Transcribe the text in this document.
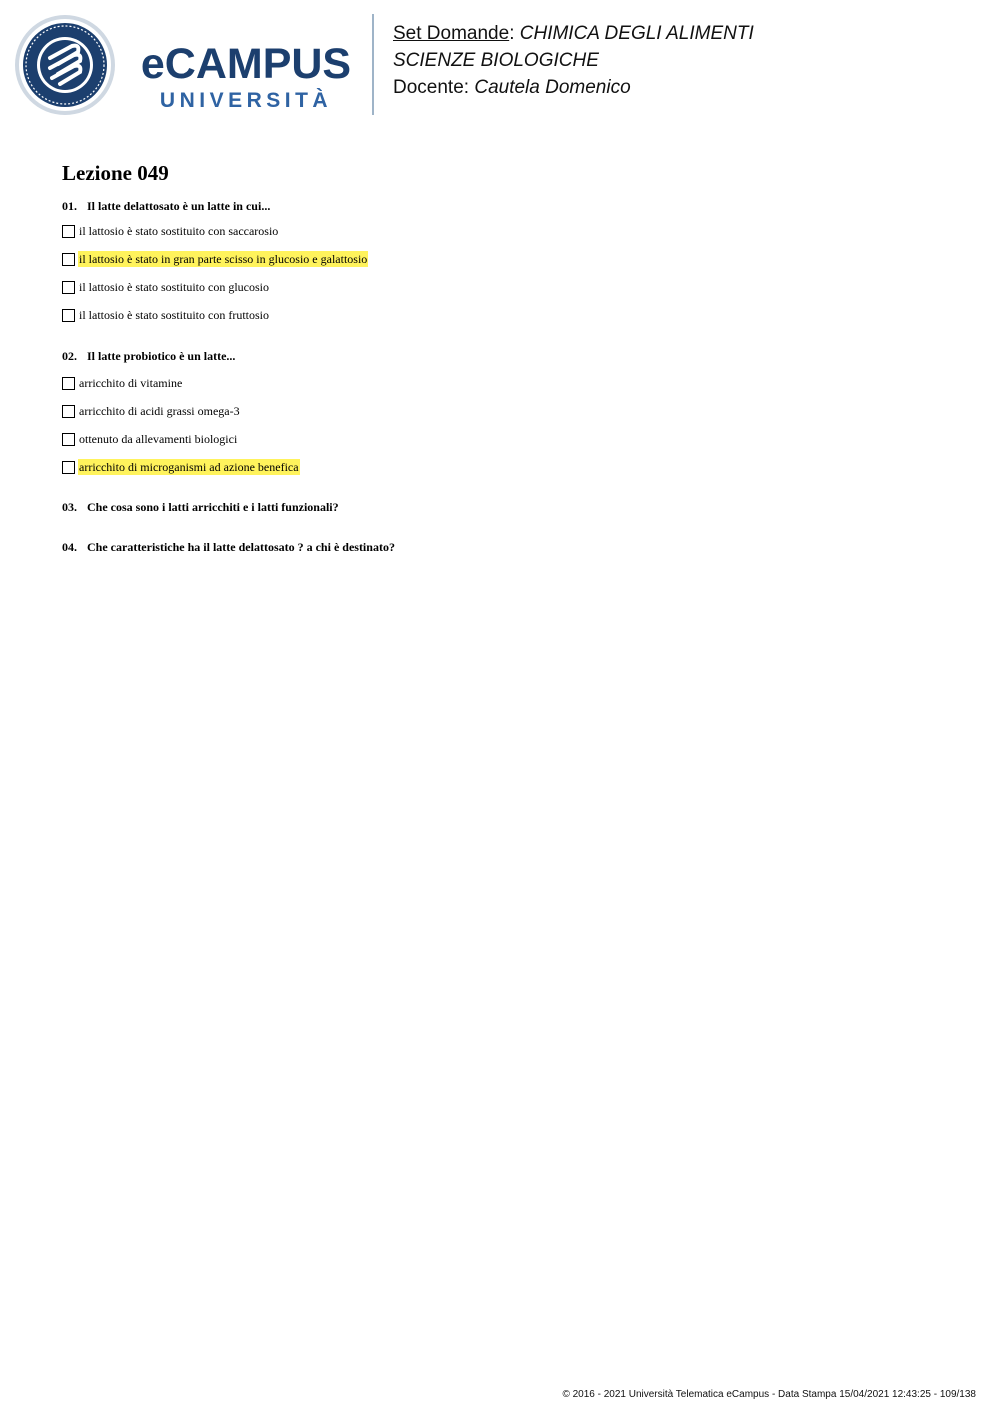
eCAMPUS
UNIVERSITÀ
Set Domande: CHIMICA DEGLI ALIMENTI
SCIENZE BIOLOGICHE
Docente: Cautela Domenico
Lezione 049
01. Il latte delattosato è un latte in cui...
il lattosio è stato sostituito con saccarosio
il lattosio è stato in gran parte scisso in glucosio e galattosio
il lattosio è stato sostituito con glucosio
il lattosio è stato sostituito con fruttosio
02. Il latte probiotico è un latte...
arricchito di vitamine
arricchito di acidi grassi omega-3
ottenuto da allevamenti biologici
arricchito di microganismi ad azione benefica
03. Che cosa sono i latti arricchiti e i latti funzionali?
04. Che caratteristiche ha il latte delattosato ? a chi è destinato?
© 2016 - 2021 Università Telematica eCampus - Data Stampa 15/04/2021 12:43:25 - 109/138
